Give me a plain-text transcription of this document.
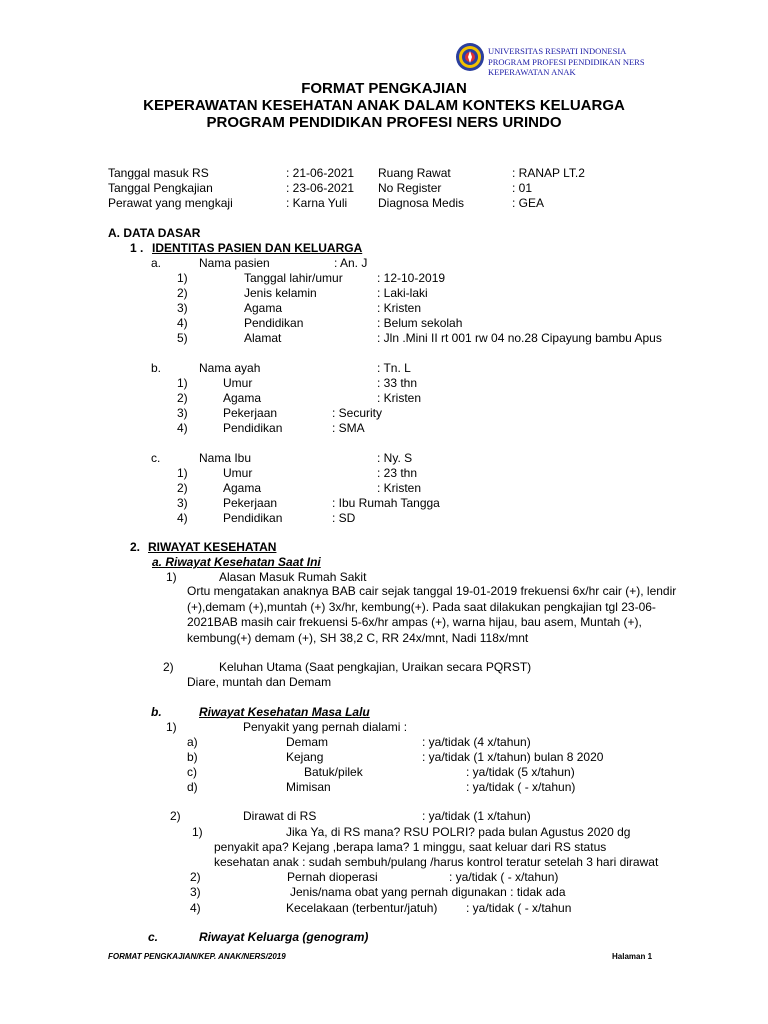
UNIVERSITAS RESPATI INDONESIA
PROGRAM PROFESI PENDIDIKAN NERS
KEPERAWATAN ANAK
FORMAT PENGKAJIAN
KEPERAWATAN KESEHATAN ANAK DALAM KONTEKS KELUARGA
PROGRAM PENDIDIKAN PROFESI NERS URINDO
Tanggal masuk RS	: 21-06-2021 Ruang Rawat	: RANAP LT.2
Tanggal Pengkajian	: 23-06-2021 No Register	: 01
Perawat yang mengkaji	: Karna Yuli	Diagnosa Medis	: GEA
A. DATA DASAR
1 . IDENTITAS PASIEN DAN KELUARGA
a.	Nama pasien	: An. J
1)	Tanggal lahir/umur	: 12-10-2019
2)	Jenis kelamin	: Laki-laki
3)	Agama	: Kristen
4)	Pendidikan	: Belum sekolah
5)	Alamat	: Jln .Mini II rt 001 rw 04 no.28 Cipayung bambu Apus
b.	Nama ayah	: Tn. L
1)	Umur	: 33 thn
2)	Agama	: Kristen
3)	Pekerjaan	: Security
4)	Pendidikan	: SMA
c.	Nama Ibu	: Ny. S
1)	Umur	: 23 thn
2)	Agama	: Kristen
3)	Pekerjaan	: Ibu Rumah Tangga
4)	Pendidikan	: SD
2. RIWAYAT KESEHATAN
a. Riwayat Kesehatan Saat Ini
1)	Alasan Masuk Rumah Sakit
Ortu mengatakan anaknya BAB cair sejak tanggal 19-01-2019 frekuensi 6x/hr cair (+), lendir (+),demam (+),muntah (+) 3x/hr, kembung(+). Pada saat dilakukan pengkajian tgl 23-06-2021BAB masih cair frekuensi 5-6x/hr ampas (+), warna hijau, bau asem, Muntah (+), kembung(+) demam (+), SH 38,2 C, RR 24x/mnt, Nadi 118x/mnt
2)	Keluhan Utama (Saat pengkajian, Uraikan secara PQRST)
Diare, muntah dan Demam
b.	Riwayat Kesehatan Masa Lalu
1)	Penyakit yang pernah dialami :
a)	Demam	: ya/tidak (4 x/tahun)
b)	Kejang	: ya/tidak (1 x/tahun) bulan 8 2020
c)	Batuk/pilek	: ya/tidak (5 x/tahun)
d)	Mimisan	: ya/tidak ( - x/tahun)
2)	Dirawat di RS	: ya/tidak (1 x/tahun)
1)	Jika Ya, di RS mana? RSU POLRI? pada bulan Agustus 2020 dg
penyakit apa? Kejang ,berapa lama? 1 minggu, saat keluar dari RS status
kesehatan anak : sudah sembuh/pulang /harus kontrol teratur setelah 3 hari dirawat
2)	Pernah dioperasi	: ya/tidak ( - x/tahun)
3)	Jenis/nama obat yang pernah digunakan : tidak ada
4)	Kecelakaan (terbentur/jatuh) : ya/tidak ( - x/tahun
c.	Riwayat Keluarga (genogram)
FORMAT PENGKAJIAN/KEP. ANAK/NERS/2019	Halaman 1
